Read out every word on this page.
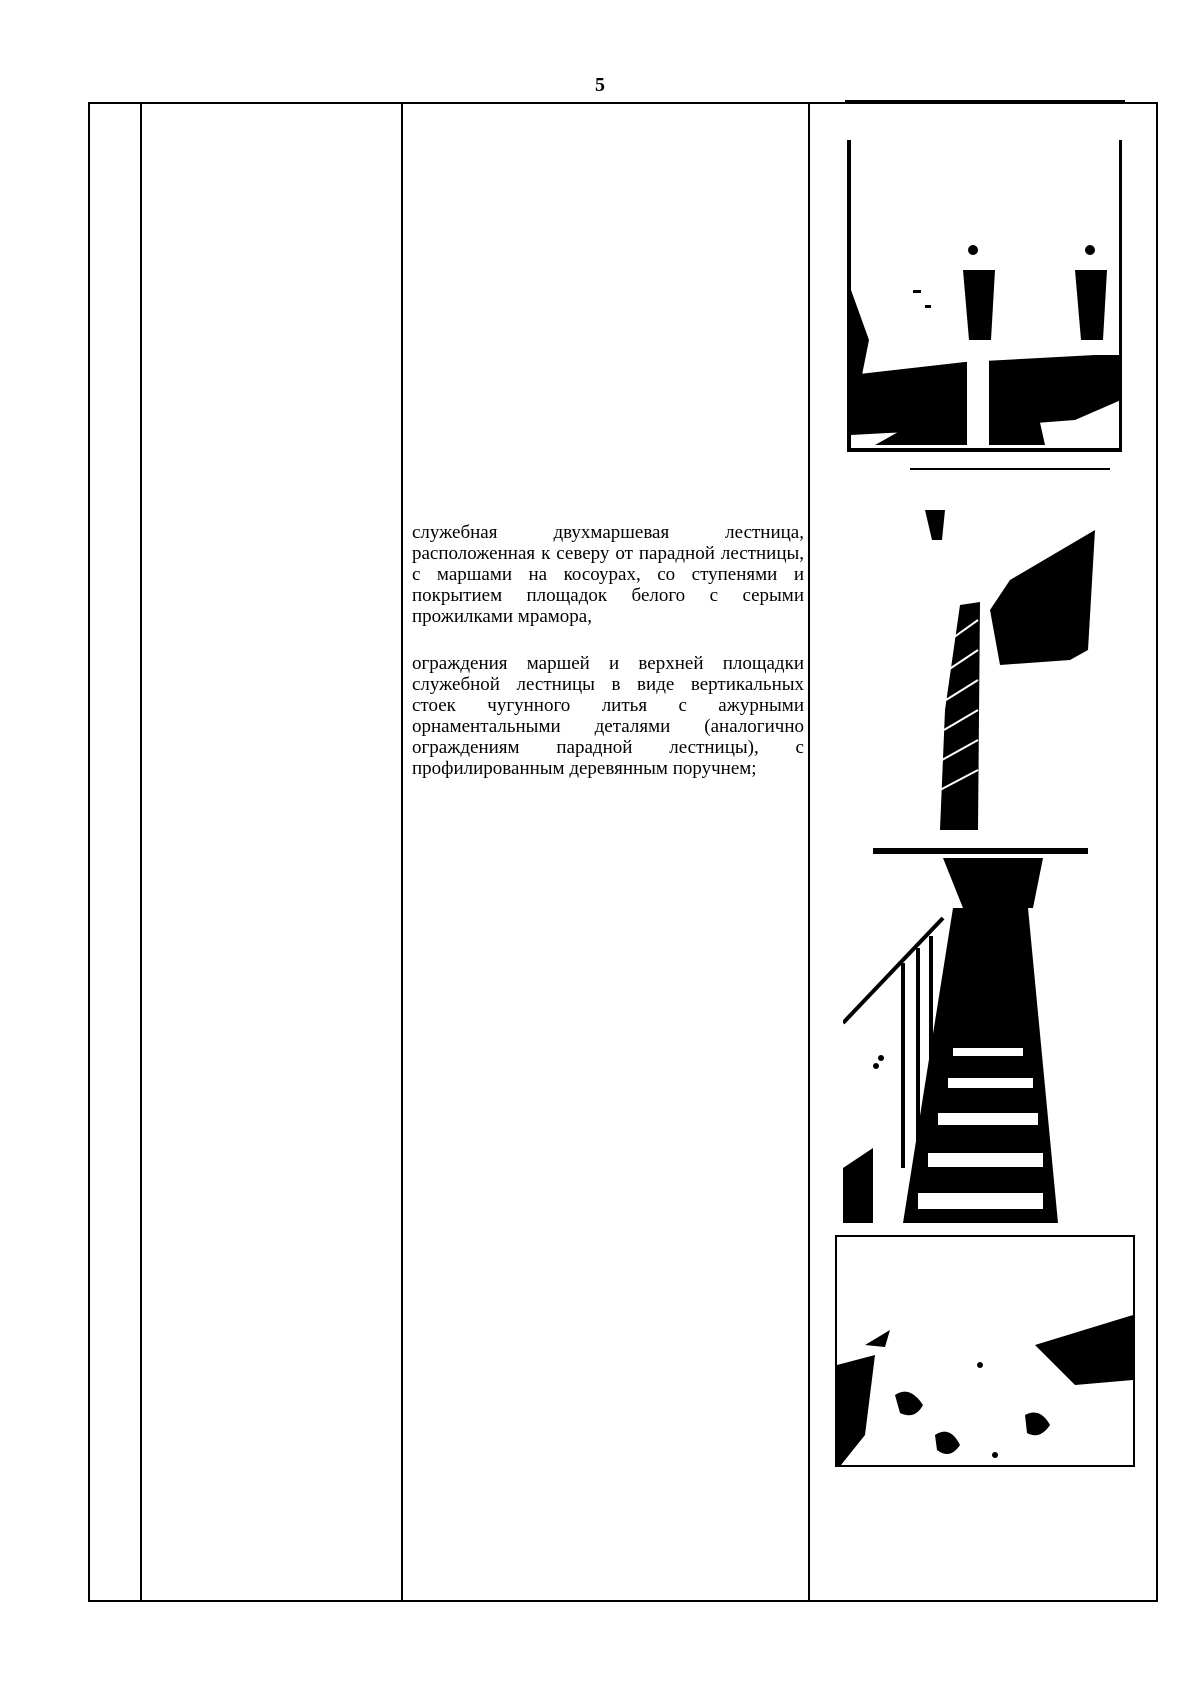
5

служебная двухмаршевая лестница, расположенная к северу от парадной лестницы, с маршами на косоурах, со ступенями и покрытием площадок белого с серыми прожилками мрамора,

ограждения маршей и верхней площадки служебной лестницы в виде вертикальных стоек чугунного литья с ажурными орнаментальными деталями (аналогично ограждениям парадной лестницы), с профилированным деревянным поручнем;
